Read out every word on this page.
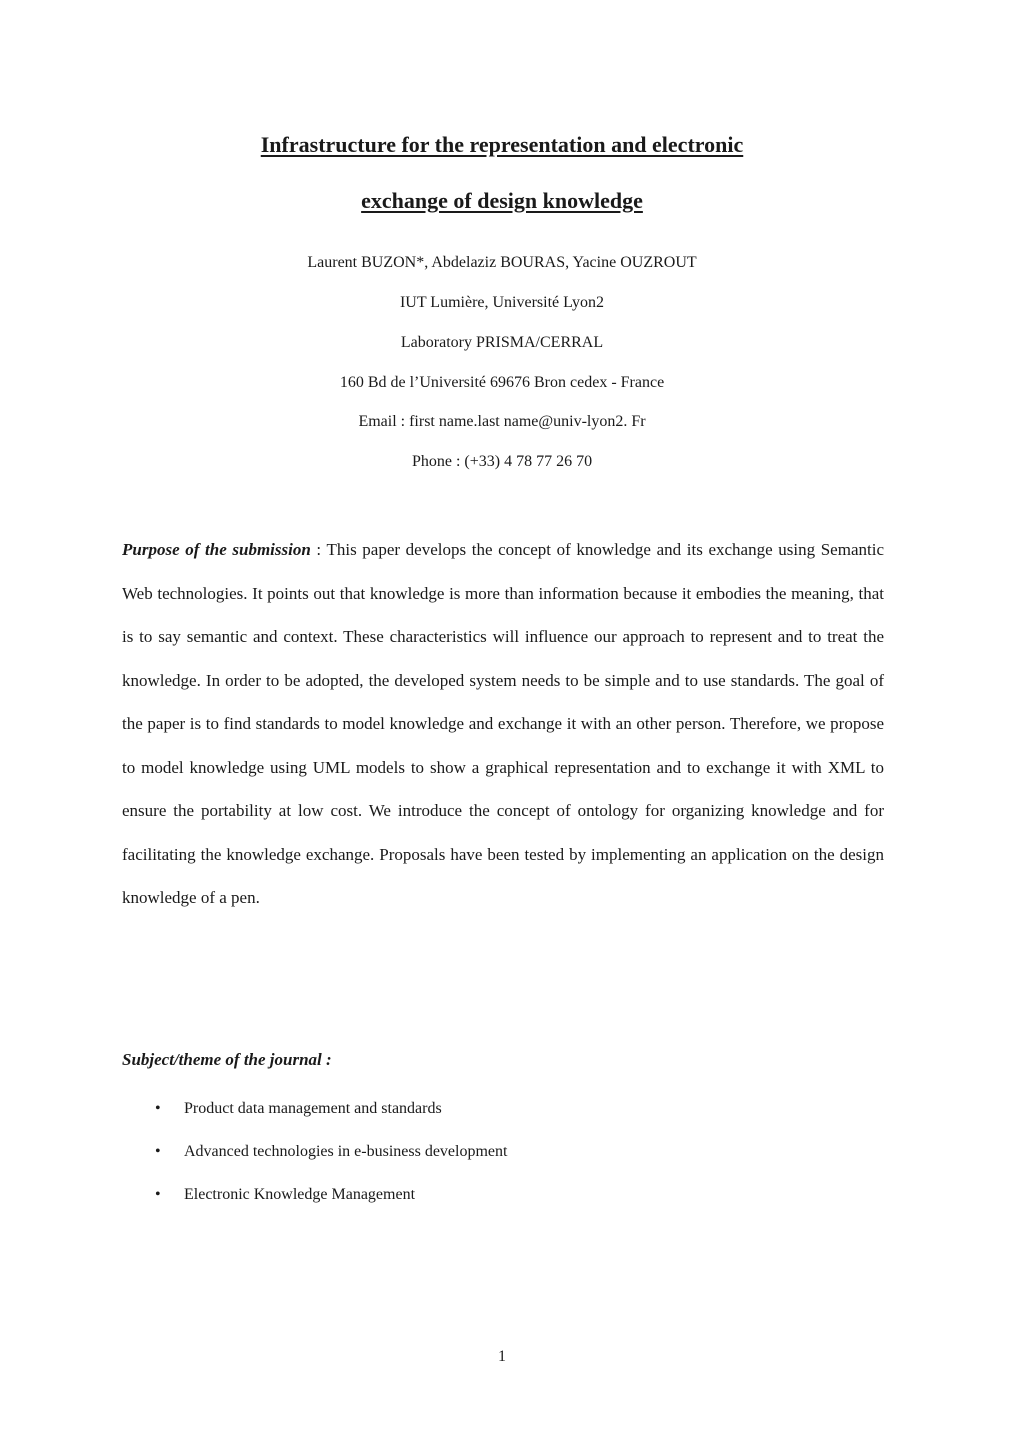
Infrastructure for the representation and electronic
exchange of design knowledge

Laurent BUZON*, Abdelaziz BOURAS, Yacine OUZROUT

IUT Lumière, Université Lyon2

Laboratory PRISMA/CERRAL

160 Bd de l’Université 69676 Bron cedex - France

Email : first name.last name@univ-lyon2. Fr

Phone : (+33) 4 78 77 26 70

Purpose of the submission : This paper develops the concept of knowledge and its exchange using Semantic Web technologies. It points out that knowledge is more than information because it embodies the meaning, that is to say semantic and context. These characteristics will influence our approach to represent and to treat the knowledge. In order to be adopted, the developed system needs to be simple and to use standards. The goal of the paper is to find standards to model knowledge and exchange it with an other person. Therefore, we propose to model knowledge using UML models to show a graphical representation and to exchange it with XML to ensure the portability at low cost. We introduce the concept of ontology for organizing knowledge and for facilitating the knowledge exchange. Proposals have been tested by implementing an application on the design knowledge of a pen.

Subject/theme of the journal :

• Product data management and standards
• Advanced technologies in e-business development
• Electronic Knowledge Management

1
